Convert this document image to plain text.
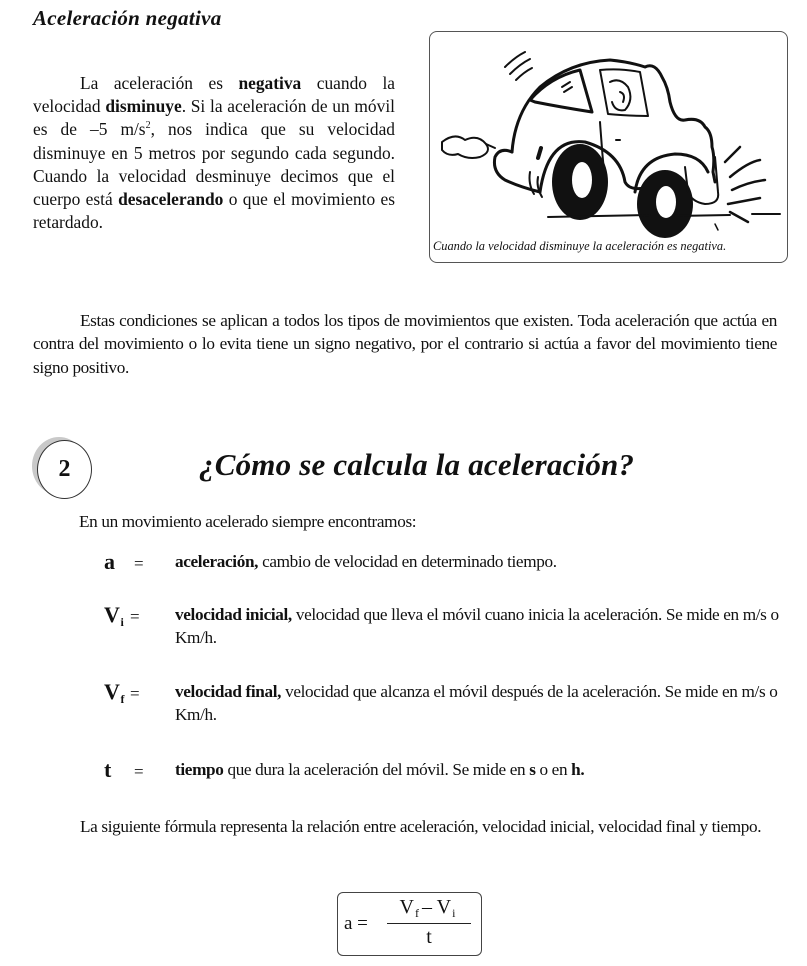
Aceleración negativa
La aceleración es negativa cuando la velocidad disminuye. Si la aceleración de un móvil es de –5 $m/s^2$, nos indica que su velocidad disminuye en 5 metros por segundo cada segundo. Cuando la velocidad desminuye decimos que el cuerpo está desacelerando o que el movimiento es retardado.
Cuando la velocidad disminuye la aceleración es negativa.
Estas condiciones se aplican a todos los tipos de movimientos que existen. Toda aceleración que actúa en contra del movimiento o lo evita tiene un signo negativo, por el contrario si actúa a favor del movimiento tiene signo positivo.
2	¿Cómo se calcula la aceleración?
En un movimiento acelerado siempre encontramos:
a = aceleración, cambio de velocidad en determinado tiempo.
$V_i$ = velocidad inicial, velocidad que lleva el móvil cuano inicia la aceleración. Se mide en m/s o Km/h.
$V_f$ = velocidad final, velocidad que alcanza el móvil después de la aceleración. Se mide en m/s o Km/h.
t = tiempo que dura la aceleración del móvil. Se mide en s o en h.
La siguiente fórmula representa la relación entre aceleración, velocidad inicial, velocidad final y tiempo.
a =
$V_f - V_i$
t
